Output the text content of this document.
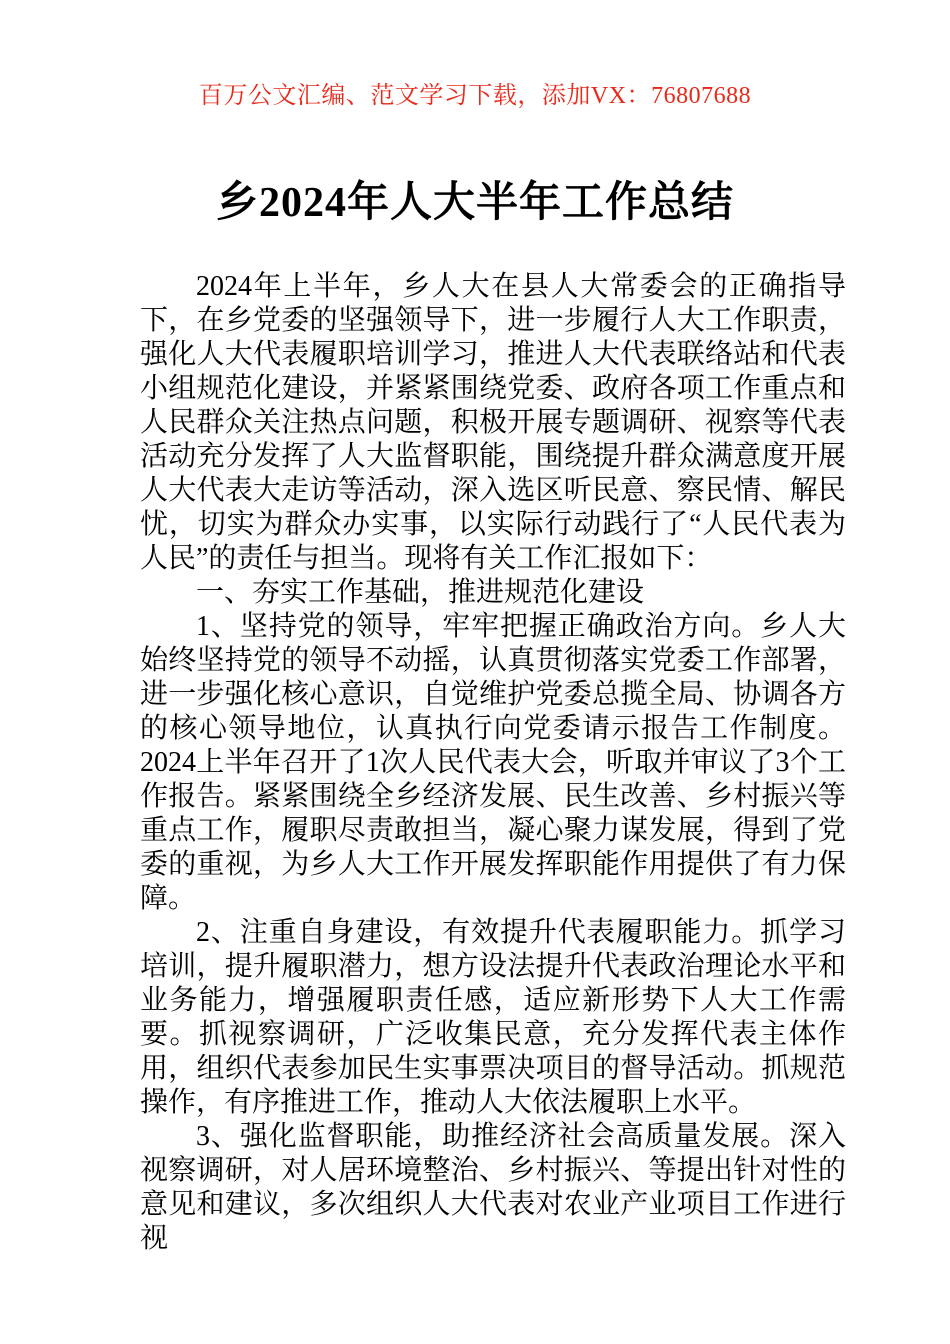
百万公文汇编、范文学习下载，添加VX：76807688
乡2024年人大半年工作总结

2024年上半年，乡人大在县人大常委会的正确指导下，在乡党委的坚强领导下，进一步履行人大工作职责，强化人大代表履职培训学习，推进人大代表联络站和代表小组规范化建设，并紧紧围绕党委、政府各项工作重点和人民群众关注热点问题，积极开展专题调研、视察等代表活动充分发挥了人大监督职能，围绕提升群众满意度开展人大代表大走访等活动，深入选区听民意、察民情、解民忧，切实为群众办实事，以实际行动践行了“人民代表为人民”的责任与担当。现将有关工作汇报如下：

一、夯实工作基础，推进规范化建设

1、坚持党的领导，牢牢把握正确政治方向。乡人大始终坚持党的领导不动摇，认真贯彻落实党委工作部署，进一步强化核心意识，自觉维护党委总揽全局、协调各方的核心领导地位，认真执行向党委请示报告工作制度。2024上半年召开了1次人民代表大会，听取并审议了3个工作报告。紧紧围绕全乡经济发展、民生改善、乡村振兴等重点工作，履职尽责敢担当，凝心聚力谋发展，得到了党委的重视，为乡人大工作开展发挥职能作用提供了有力保障。

2、注重自身建设，有效提升代表履职能力。抓学习培训，提升履职潜力，想方设法提升代表政治理论水平和业务能力，增强履职责任感，适应新形势下人大工作需要。抓视察调研，广泛收集民意，充分发挥代表主体作用，组织代表参加民生实事票决项目的督导活动。抓规范操作，有序推进工作，推动人大依法履职上水平。

3、强化监督职能，助推经济社会高质量发展。深入视察调研，对人居环境整治、乡村振兴、等提出针对性的意见和建议，多次组织人大代表对农业产业项目工作进行视
